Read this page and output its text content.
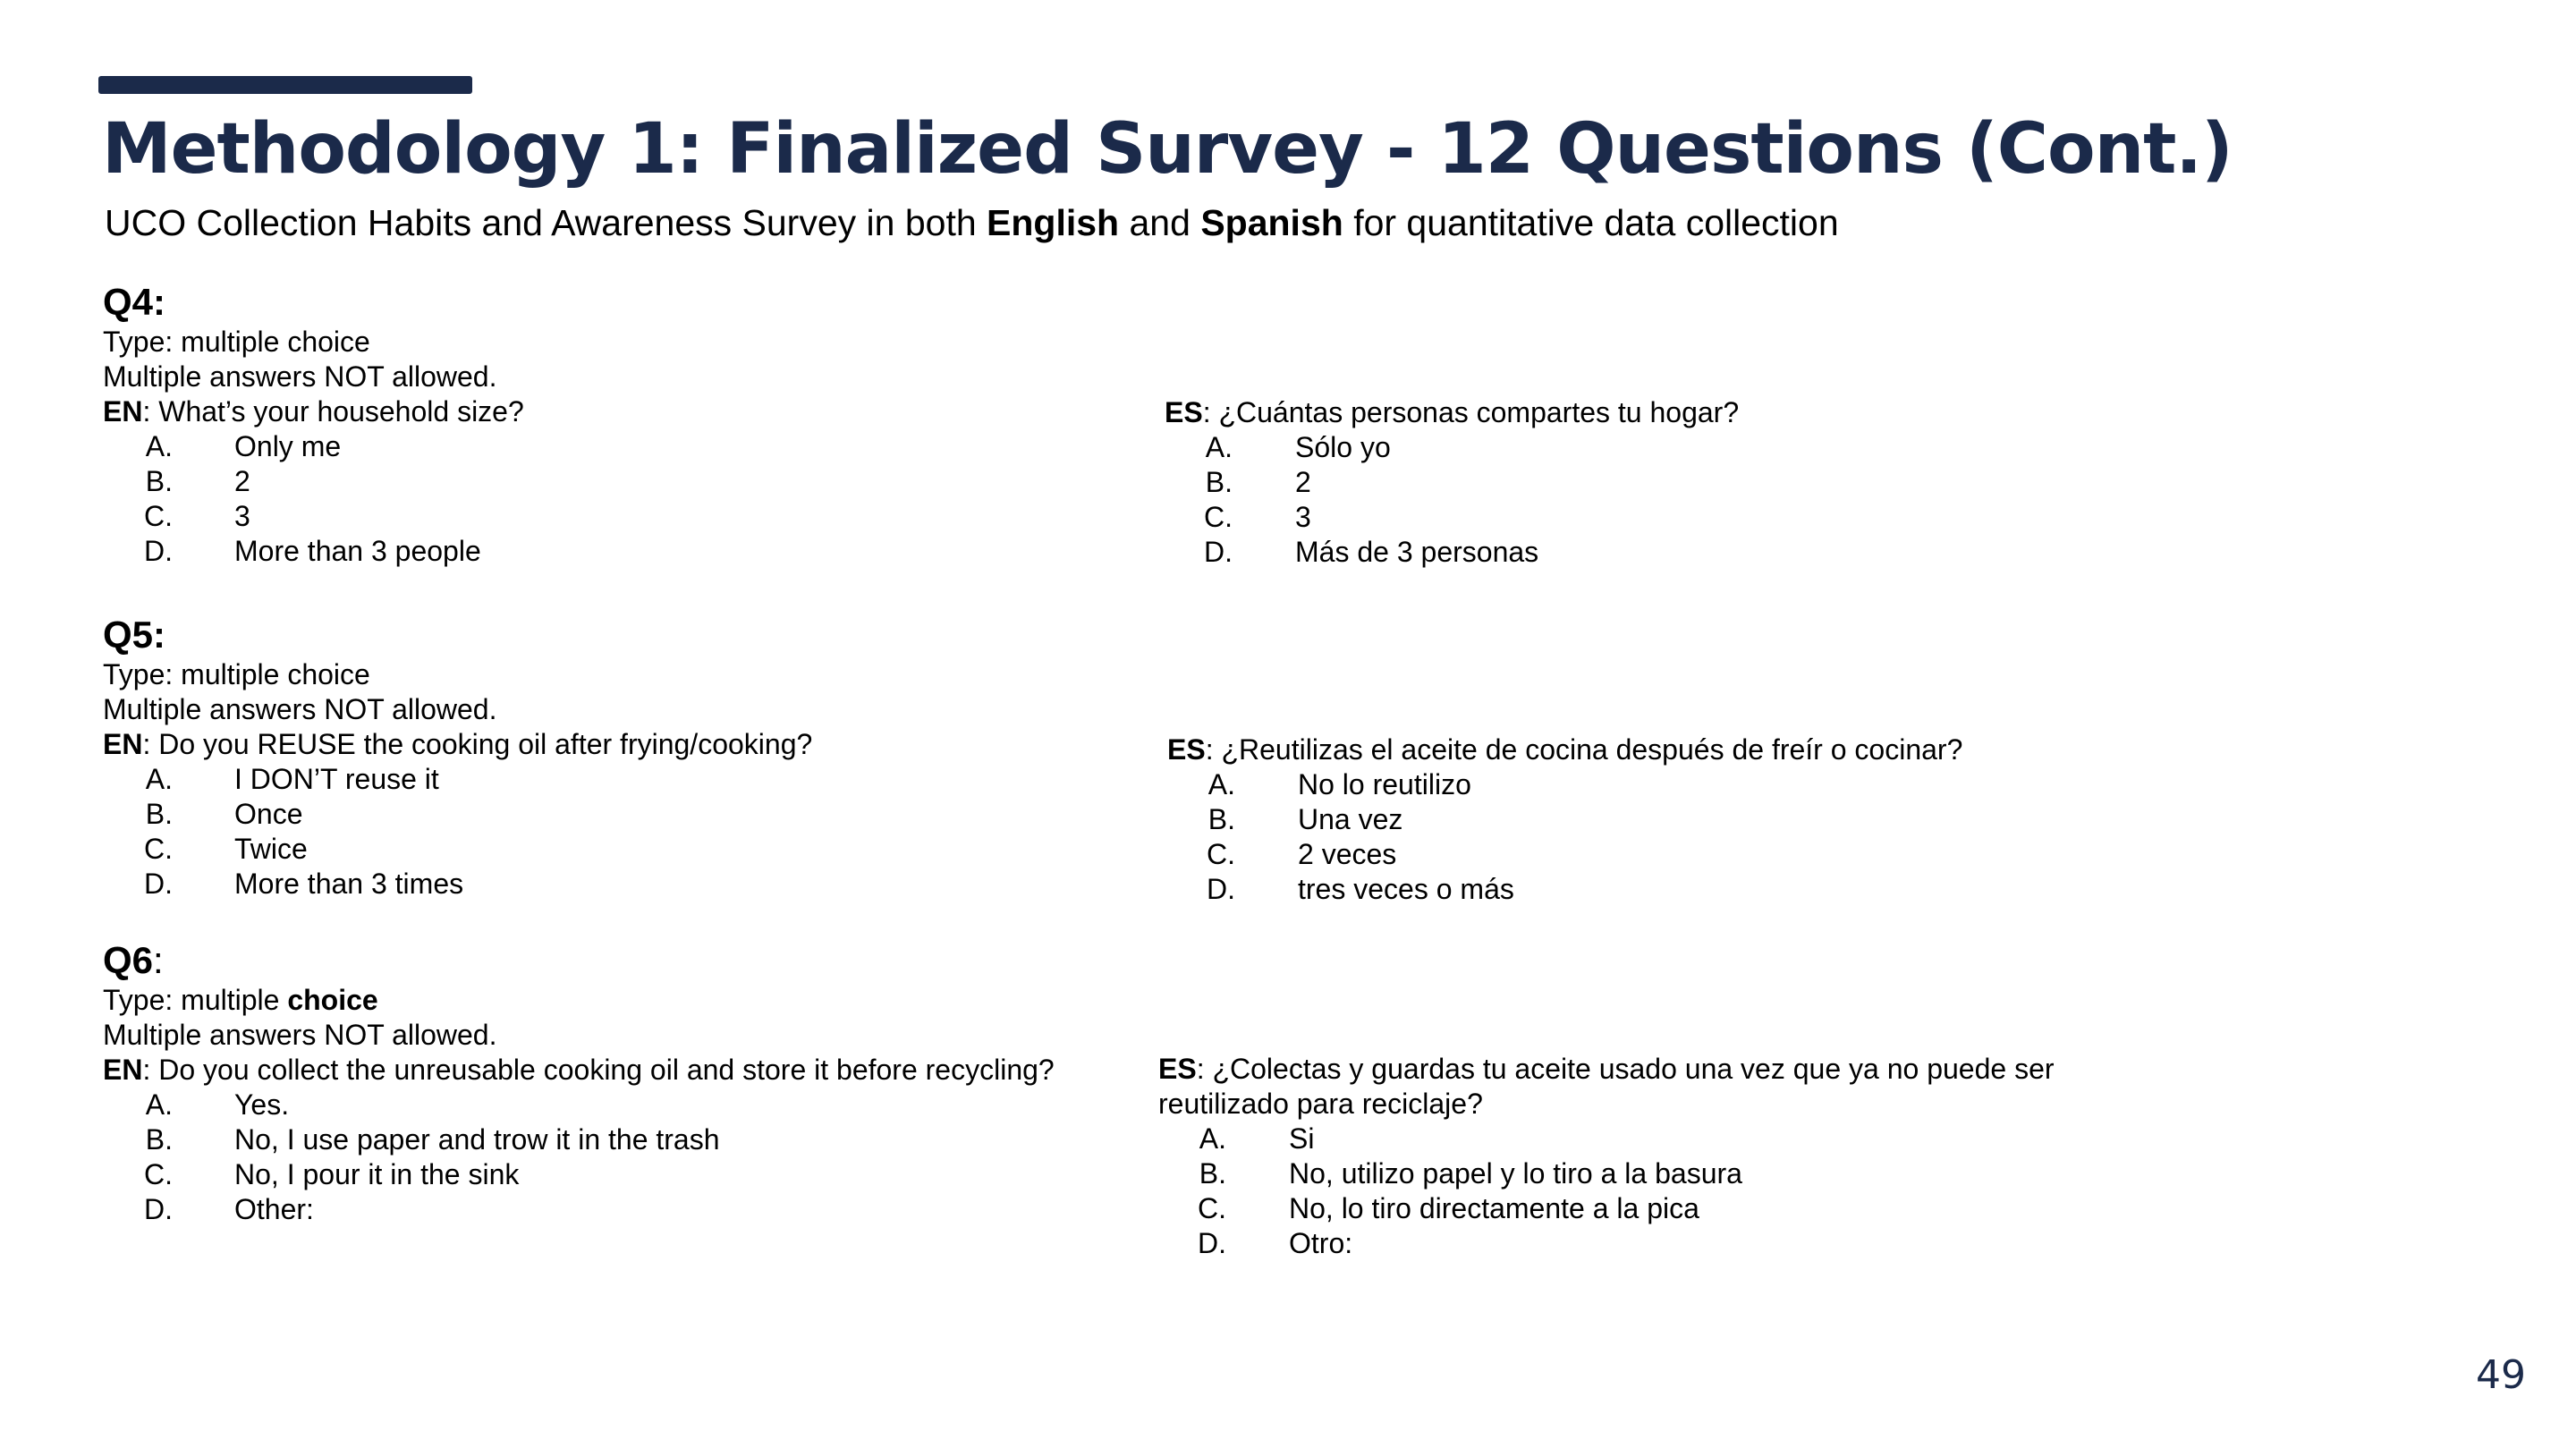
Methodology 1: Finalized Survey - 12 Questions (Cont.)
UCO Collection Habits and Awareness Survey in both English and Spanish for quantitative data collection
Q4:
Type: multiple choice
Multiple answers NOT allowed.
EN: What’s your household size?
A. Only me
B. 2
C. 3
D. More than 3 people
ES: ¿Cuántas personas compartes tu hogar?
A. Sólo yo
B. 2
C. 3
D. Más de 3 personas
Q5:
Type: multiple choice
Multiple answers NOT allowed.
EN: Do you REUSE the cooking oil after frying/cooking?
A. I DON’T reuse it
B. Once
C. Twice
D. More than 3 times
ES: ¿Reutilizas el aceite de cocina después de freír o cocinar?
A. No lo reutilizo
B. Una vez
C. 2 veces
D. tres veces o más
Q6:
Type: multiple choice
Multiple answers NOT allowed.
EN: Do you collect the unreusable cooking oil and store it before recycling?
A. Yes.
B. No, I use paper and trow it in the trash
C. No, I pour it in the sink
D. Other:
ES: ¿Colectas y guardas tu aceite usado una vez que ya no puede ser
reutilizado para reciclaje?
A. Si
B. No, utilizo papel y lo tiro a la basura
C. No, lo tiro directamente a la pica
D. Otro:
49
